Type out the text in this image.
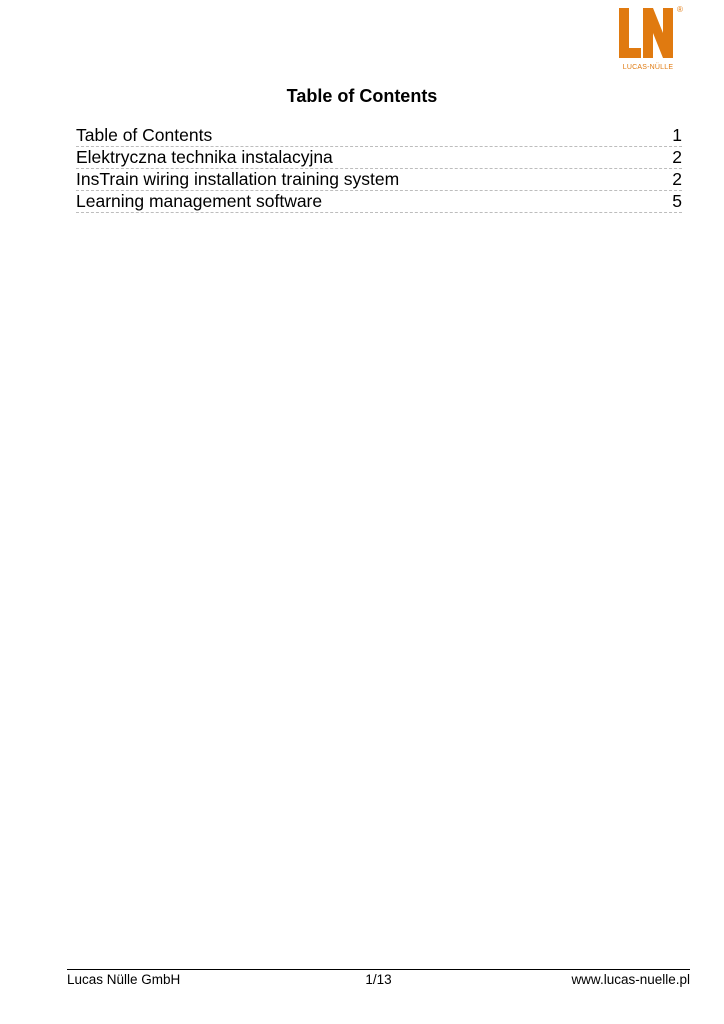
®
LUCAS-NÜLLE
Table of Contents
Table of Contents	1
Elektryczna technika instalacyjna	2
InsTrain wiring installation training system	2
Learning management software	5
Lucas Nülle GmbH	1/13	www.lucas-nuelle.pl
